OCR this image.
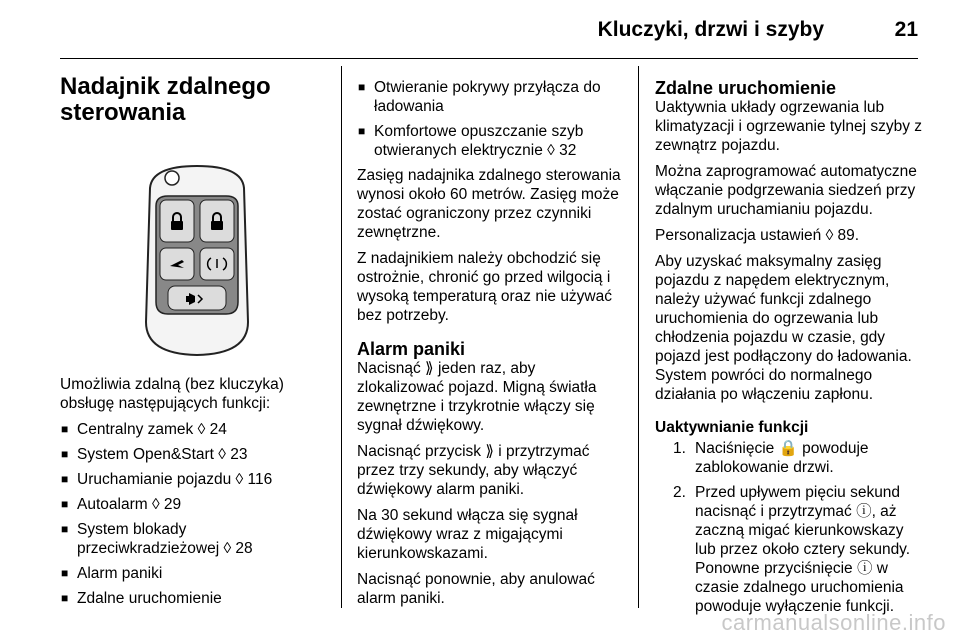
Kluczyki, drzwi i szyby	21
Nadajnik zdalnego
sterowania

Umożliwia zdalną (bez kluczyka) obsługę następujących funkcji:

■ Centralny zamek ◊ 24
■ System Open&Start ◊ 23
■ Uruchamianie pojazdu ◊ 116
■ Autoalarm ◊ 29
■ System blokady przeciwkradzieżowej ◊ 28
■ Alarm paniki
■ Zdalne uruchomienie
■ Otwieranie pokrywy przyłącza do ładowania
■ Komfortowe opuszczanie szyb otwieranych elektrycznie ◊ 32

Zasięg nadajnika zdalnego sterowania wynosi około 60 metrów. Zasięg może zostać ograniczony przez czynniki zewnętrzne.

Z nadajnikiem należy obchodzić się ostrożnie, chronić go przed wilgocią i wysoką temperaturą oraz nie używać bez potrzeby.

Alarm paniki

Nacisnąć ⟫ jeden raz, aby zlokalizować pojazd. Migną światła zewnętrzne i trzykrotnie włączy się sygnał dźwiękowy.

Nacisnąć przycisk ⟫ i przytrzymać przez trzy sekundy, aby włączyć dźwiękowy alarm paniki.

Na 30 sekund włącza się sygnał dźwiękowy wraz z migającymi kierunkowskazami.

Nacisnąć ponownie, aby anulować alarm paniki.

Zdalne uruchomienie

Uaktywnia układy ogrzewania lub klimatyzacji i ogrzewanie tylnej szyby z zewnątrz pojazdu.

Można zaprogramować automatyczne włączanie podgrzewania siedzeń przy zdalnym uruchamianiu pojazdu.

Personalizacja ustawień ◊ 89.

Aby uzyskać maksymalny zasięg pojazdu z napędem elektrycznym, należy używać funkcji zdalnego uruchomienia do ogrzewania lub chłodzenia pojazdu w czasie, gdy pojazd jest podłączony do ładowania. System powróci do normalnego działania po włączeniu zapłonu.

Uaktywnianie funkcji
1. Naciśnięcie 🔒 powoduje zablokowanie drzwi.
2. Przed upływem pięciu sekund nacisnąć i przytrzymać ⓘ, aż zaczną migać kierunkowskazy lub przez około cztery sekundy. Ponowne przyciśnięcie ⓘ w czasie zdalnego uruchomienia powoduje wyłączenie funkcji.
carmanualsonline.info
